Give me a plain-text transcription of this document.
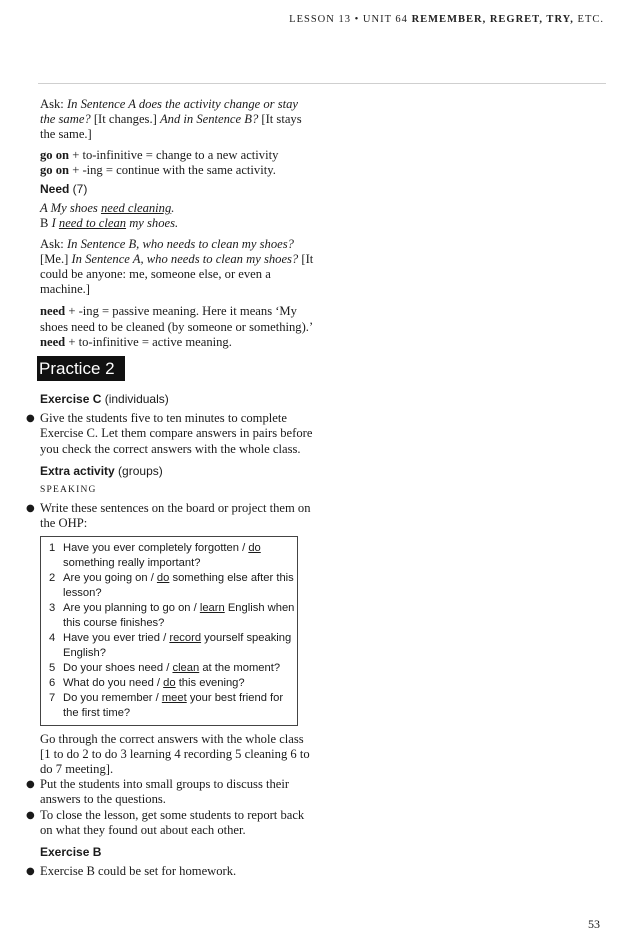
LESSON 13 • UNIT 64 REMEMBER, REGRET, TRY, ETC.

Ask: In Sentence A does the activity change or stay the same? [It changes.] And in Sentence B? [It stays the same.]

go on + to-infinitive = change to a new activity

go on + -ing = continue with the same activity.

Need (7)

A My shoes need cleaning.

B I need to clean my shoes.

Ask: In Sentence B, who needs to clean my shoes? [Me.] In Sentence A, who needs to clean my shoes? [It could be anyone: me, someone else, or even a machine.]

need + -ing = passive meaning. Here it means ‘My shoes need to be cleaned (by someone or something).’

need + to-infinitive = active meaning.

Practice 2

Exercise C (individuals)

● Give the students five to ten minutes to complete Exercise C. Let them compare answers in pairs before you check the correct answers with the whole class.

Extra activity (groups)

SPEAKING

● Write these sentences on the board or project them on the OHP:

1 Have you ever completely forgotten / do something really important?
2 Are you going on / do something else after this lesson?
3 Are you planning to go on / learn English when this course finishes?
4 Have you ever tried / record yourself speaking English?
5 Do your shoes need / clean at the moment?
6 What do you need / do this evening?
7 Do you remember / meet your best friend for the first time?

Go through the correct answers with the whole class [1 to do 2 to do 3 learning 4 recording 5 cleaning 6 to do 7 meeting].

● Put the students into small groups to discuss their answers to the questions.

● To close the lesson, get some students to report back on what they found out about each other.

Exercise B

● Exercise B could be set for homework.

53
